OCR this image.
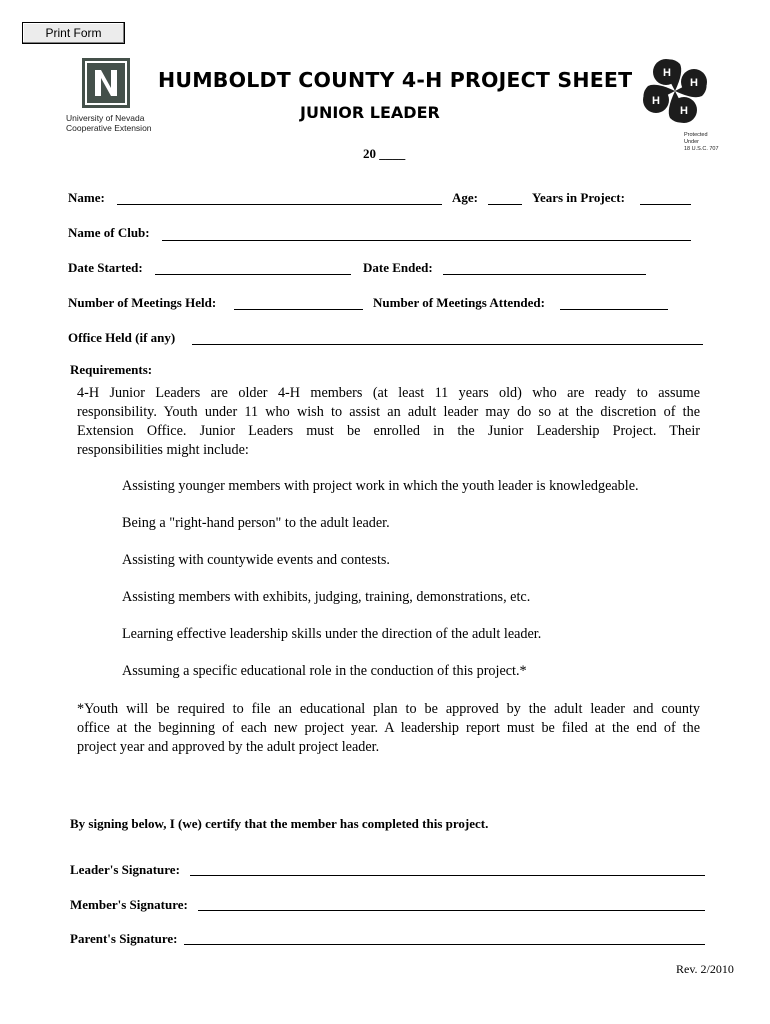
Print Form
University of Nevada
Cooperative Extension
HUMBOLDT COUNTY 4-H PROJECT SHEET
JUNIOR LEADER
H
H
H
H
Protected Under
18 U.S.C. 707
20 ____
Name:	Age:	Years in Project:
Name of Club:
Date Started:	Date Ended:
Number of Meetings Held:	Number of Meetings Attended:
Office Held (if any)
Requirements:
4-H Junior Leaders are older 4-H members (at least 11 years old) who are ready to assume
responsibility. Youth under 11 who wish to assist an adult leader may do so at the discretion of the
Extension Office. Junior Leaders must be enrolled in the Junior Leadership Project. Their
responsibilities might include:
Assisting younger members with project work in which the youth leader is knowledgeable.
Being a "right-hand person" to the adult leader.
Assisting with countywide events and contests.
Assisting members with exhibits, judging, training, demonstrations, etc.
Learning effective leadership skills under the direction of the adult leader.
Assuming a specific educational role in the conduction of this project.*
*Youth will be required to file an educational plan to be approved by the adult leader and county
office at the beginning of each new project year. A leadership report must be filed at the end of the
project year and approved by the adult project leader.
By signing below, I (we) certify that the member has completed this project.
Leader's Signature:
Member's Signature:
Parent's Signature:
Rev. 2/2010
